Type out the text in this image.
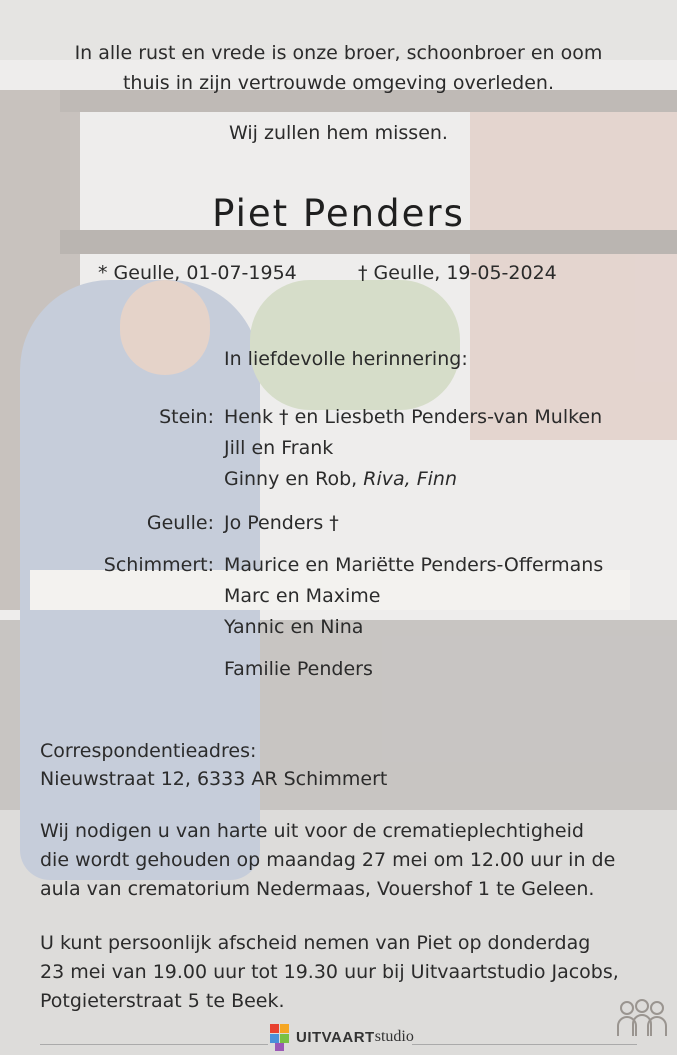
In alle rust en vrede is onze broer, schoonbroer en oom
thuis in zijn vertrouwde omgeving overleden.
Wij zullen hem missen.
Piet Penders
* Geulle, 01-07-1954	† Geulle, 19-05-2024
In liefdevolle herinnering:
Stein: Henk † en Liesbeth Penders-van Mulken
Jill en Frank
Ginny en Rob, Riva, Finn
Geulle: Jo Penders †
Schimmert: Maurice en Mariëtte Penders-Offermans
Marc en Maxime
Yannic en Nina
Familie Penders
Correspondentieadres:
Nieuwstraat 12, 6333 AR Schimmert
Wij nodigen u van harte uit voor de crematieplechtigheid
die wordt gehouden op maandag 27 mei om 12.00 uur in de
aula van crematorium Nedermaas, Vouershof 1 te Geleen.
U kunt persoonlijk afscheid nemen van Piet op donderdag
23 mei van 19.00 uur tot 19.30 uur bij Uitvaartstudio Jacobs,
Potgieterstraat 5 te Beek.
UITVAART studio
